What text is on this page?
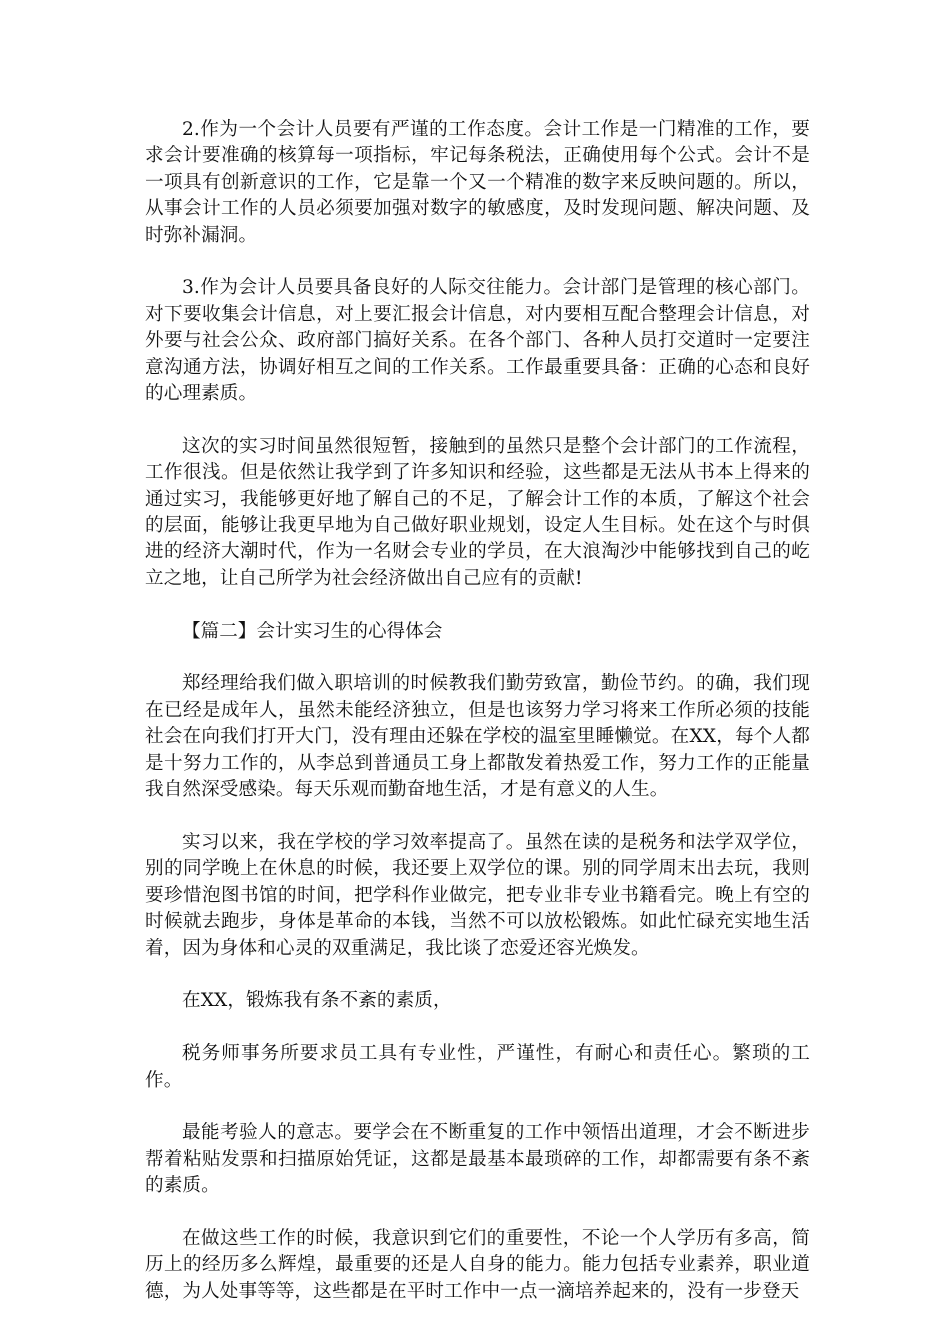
2.作为一个会计人员要有严谨的工作态度。会计工作是一门精准的工作，要求会计要准确的核算每一项指标，牢记每条税法，正确使用每个公式。会计不是一项具有创新意识的工作，它是靠一个又一个精准的数字来反映问题的。所以，从事会计工作的人员必须要加强对数字的敏感度，及时发现问题、解决问题、及时弥补漏洞。

3.作为会计人员要具备良好的人际交往能力。会计部门是管理的核心部门。对下要收集会计信息，对上要汇报会计信息，对内要相互配合整理会计信息，对外要与社会公众、政府部门搞好关系。在各个部门、各种人员打交道时一定要注意沟通方法，协调好相互之间的工作关系。工作最重要具备：正确的心态和良好的心理素质。

这次的实习时间虽然很短暂，接触到的虽然只是整个会计部门的工作流程，工作很浅。但是依然让我学到了许多知识和经验，这些都是无法从书本上得来的通过实习，我能够更好地了解自己的不足，了解会计工作的本质，了解这个社会的层面，能够让我更早地为自己做好职业规划，设定人生目标。处在这个与时俱进的经济大潮时代，作为一名财会专业的学员，在大浪淘沙中能够找到自己的屹立之地，让自己所学为社会经济做出自己应有的贡献!

【篇二】会计实习生的心得体会

郑经理给我们做入职培训的时候教我们勤劳致富，勤俭节约。的确，我们现在已经是成年人，虽然未能经济独立，但是也该努力学习将来工作所必须的技能社会在向我们打开大门，没有理由还躲在学校的温室里睡懒觉。在XX，每个人都是十努力工作的，从李总到普通员工身上都散发着热爱工作，努力工作的正能量我自然深受感染。每天乐观而勤奋地生活，才是有意义的人生。

实习以来，我在学校的学习效率提高了。虽然在读的是税务和法学双学位，别的同学晚上在休息的时候，我还要上双学位的课。别的同学周末出去玩，我则要珍惜泡图书馆的时间，把学科作业做完，把专业非专业书籍看完。晚上有空的时候就去跑步，身体是革命的本钱，当然不可以放松锻炼。如此忙碌充实地生活着，因为身体和心灵的双重满足，我比谈了恋爱还容光焕发。

在XX，锻炼我有条不紊的素质，

税务师事务所要求员工具有专业性，严谨性，有耐心和责任心。繁琐的工作。

最能考验人的意志。要学会在不断重复的工作中领悟出道理，才会不断进步帮着粘贴发票和扫描原始凭证，这都是最基本最琐碎的工作，却都需要有条不紊的素质。

在做这些工作的时候，我意识到它们的重要性，不论一个人学历有多高，简历上的经历多么辉煌，最重要的还是人自身的能力。能力包括专业素养，职业道德，为人处事等等，这些都是在平时工作中一点一滴培养起来的，没有一步登天
